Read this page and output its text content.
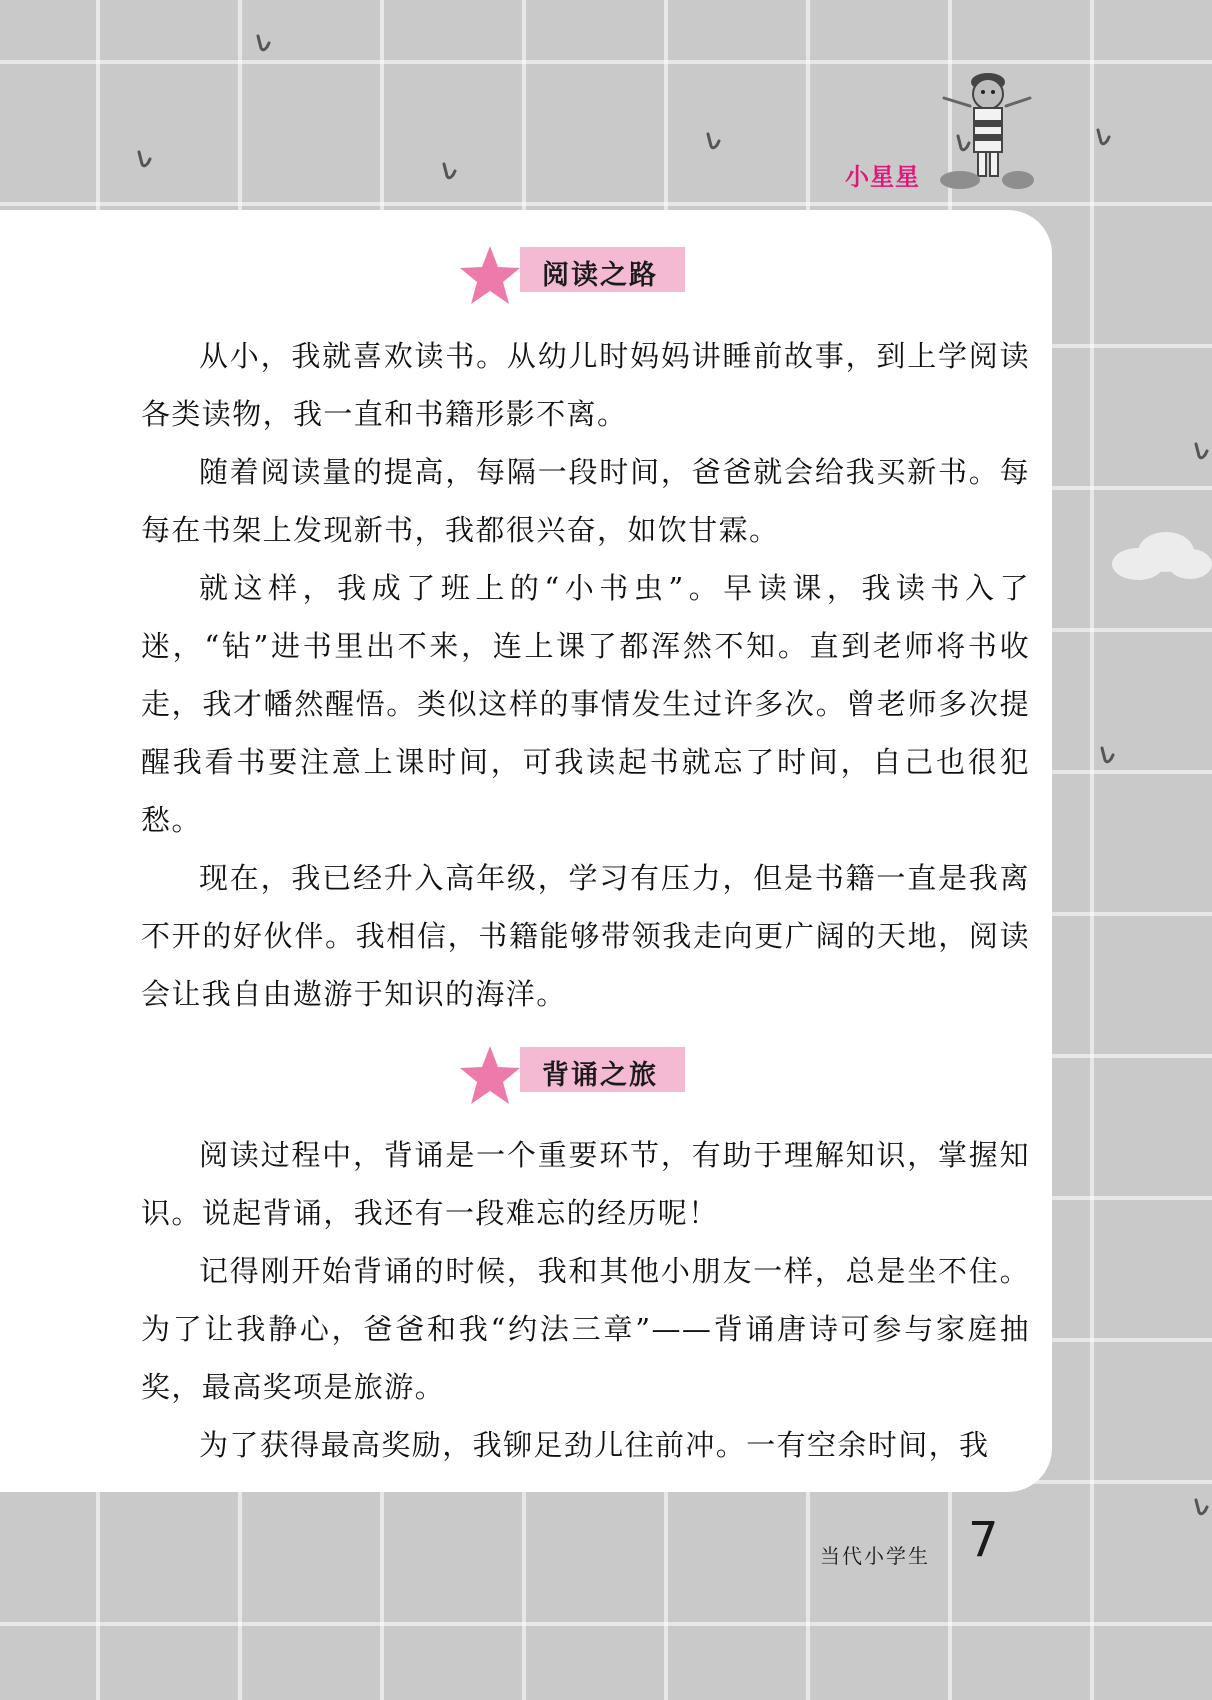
小星星
阅读之路

从小，我就喜欢读书。从幼儿时妈妈讲睡前故事，到上学阅读各类读物，我一直和书籍形影不离。

随着阅读量的提高，每隔一段时间，爸爸就会给我买新书。每每在书架上发现新书，我都很兴奋，如饮甘霖。

就这样，我成了班上的“小书虫”。早读课，我读书入了迷，“钻”进书里出不来，连上课了都浑然不知。直到老师将书收走，我才幡然醒悟。类似这样的事情发生过许多次。曾老师多次提醒我看书要注意上课时间，可我读起书就忘了时间，自己也很犯愁。

现在，我已经升入高年级，学习有压力，但是书籍一直是我离不开的好伙伴。我相信，书籍能够带领我走向更广阔的天地，阅读会让我自由遨游于知识的海洋。

背诵之旅

阅读过程中，背诵是一个重要环节，有助于理解知识，掌握知识。说起背诵，我还有一段难忘的经历呢！

记得刚开始背诵的时候，我和其他小朋友一样，总是坐不住。为了让我静心，爸爸和我“约法三章”——背诵唐诗可参与家庭抽奖，最高奖项是旅游。

为了获得最高奖励，我铆足劲儿往前冲。一有空余时间，我

当代小学生 7
